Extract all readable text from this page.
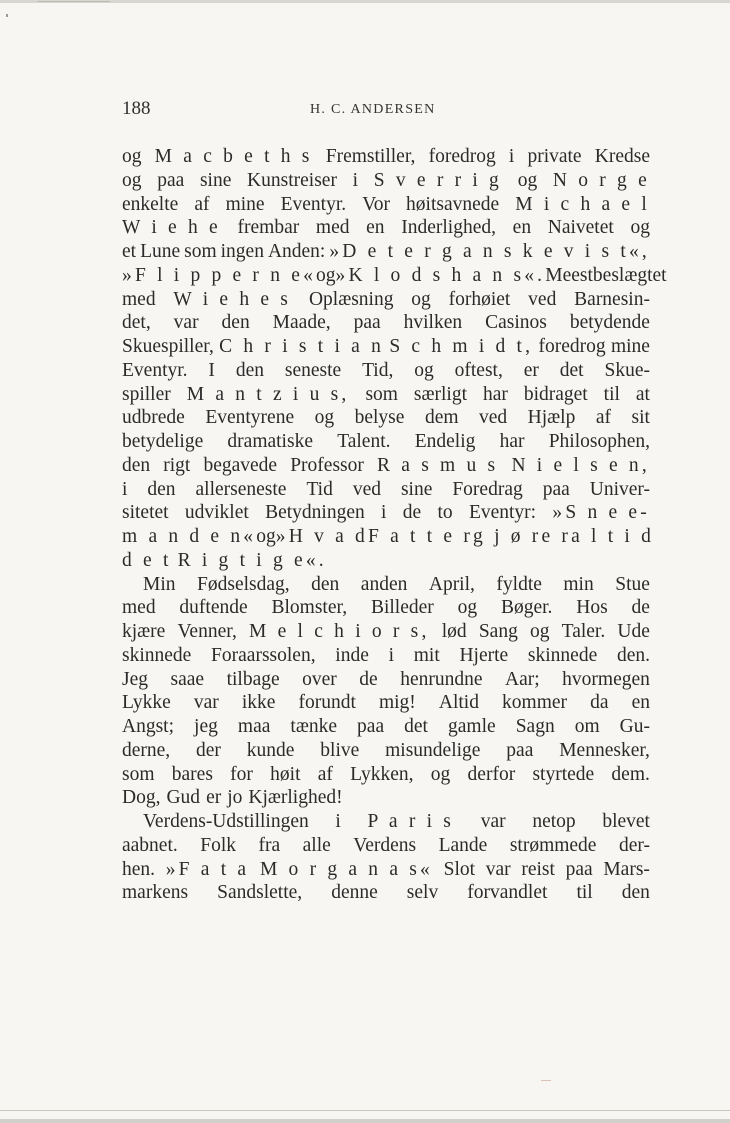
188	H. C. ANDERSEN
og M a c b e t h s Fremstiller, foredrog i private Kredse
og paa sine Kunstreiser i S v e r r i g og N o r g e
enkelte af mine Eventyr. Vor høitsavnede M i c h a e l
W i e h e frembar med en Inderlighed, en Naivetet og
et Lune som ingen Anden: »D e t e r g a n s k e v i s t«,
»F l i p p e r n e« og »K l o d s h a n s«. Meest beslægtet
med W i e h e s Oplæsning og forhøiet ved Barnesin-
det, var den Maade, paa hvilken Casinos betydende
Skuespiller, C h r i s t i a n S c h m i d t, foredrog mine
Eventyr. I den seneste Tid, og oftest, er det Skue-
spiller M a n t z i u s, som særligt har bidraget til at
udbrede Eventyrene og belyse dem ved Hjælp af sit
betydelige dramatiske Talent. Endelig har Philosophen,
den rigt begavede Professor R a s m u s N i e l s e n,
i den allerseneste Tid ved sine Foredrag paa Univer-
sitetet udviklet Betydningen i de to Eventyr: »S n e e-
m a n d e n« og »H v a d F a t t e r g j ø r e r a l t i d
d e t R i g t i g e«.
Min Fødselsdag, den anden April, fyldte min Stue
med duftende Blomster, Billeder og Bøger. Hos de
kjære Venner, M e l c h i o r s, lød Sang og Taler. Ude
skinnede Foraarssolen, inde i mit Hjerte skinnede den.
Jeg saae tilbage over de henrundne Aar; hvormegen
Lykke var ikke forundt mig! Altid kommer da en
Angst; jeg maa tænke paa det gamle Sagn om Gu-
derne, der kunde blive misundelige paa Mennesker,
som bares for høit af Lykken, og derfor styrtede dem.
Dog, Gud er jo Kjærlighed!
Verdens-Udstillingen i P a r i s var netop blevet
aabnet. Folk fra alle Verdens Lande strømmede der-
hen. »F a t a M o r g a n a s« Slot var reist paa Mars-
markens Sandslette, denne selv forvandlet til den
